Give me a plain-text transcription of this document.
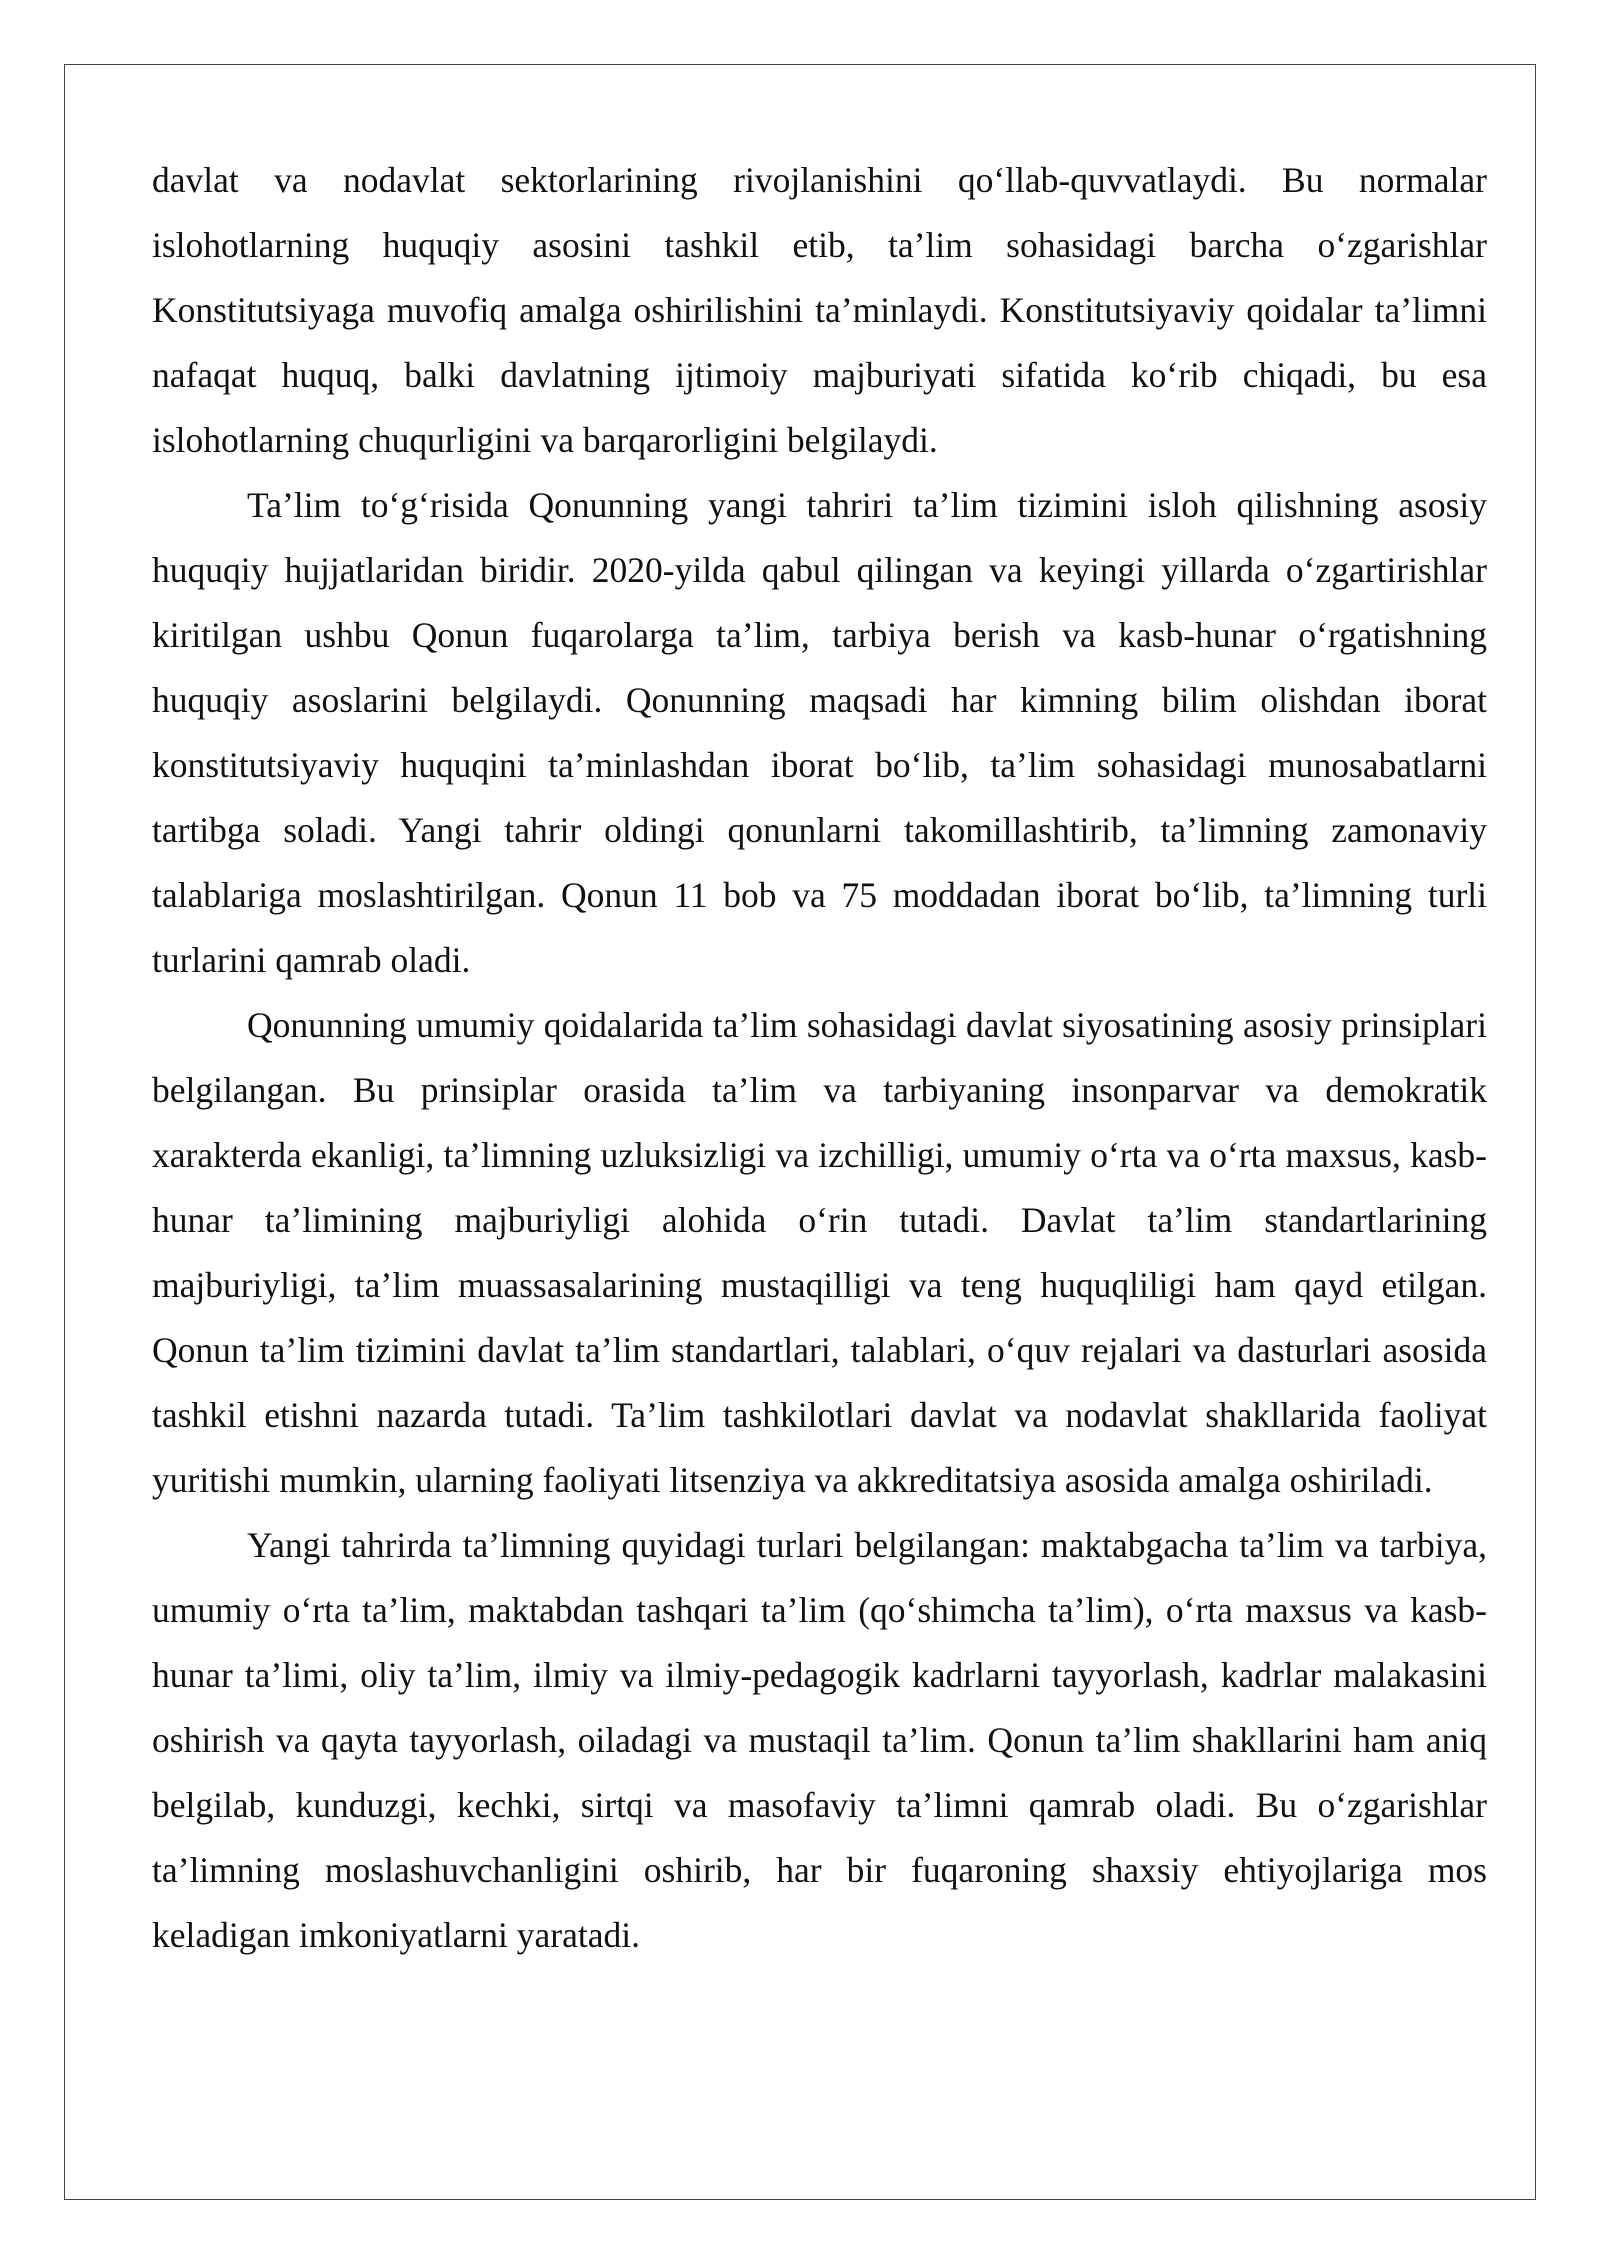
davlat va nodavlat sektorlarining rivojlanishini qo‘llab-quvvatlaydi. Bu normalar islohotlarning huquqiy asosini tashkil etib, ta’lim sohasidagi barcha o‘zgarishlar Konstitutsiyaga muvofiq amalga oshirilishini ta’minlaydi. Konstitutsiyaviy qoidalar ta’limni nafaqat huquq, balki davlatning ijtimoiy majburiyati sifatida ko‘rib chiqadi, bu esa islohotlarning chuqurligini va barqarorligini belgilaydi.

Ta’lim to‘g‘risida Qonunning yangi tahriri ta’lim tizimini isloh qilishning asosiy huquqiy hujjatlaridan biridir. 2020-yilda qabul qilingan va keyingi yillarda o‘zgartirishlar kiritilgan ushbu Qonun fuqarolarga ta’lim, tarbiya berish va kasb-hunar o‘rgatishning huquqiy asoslarini belgilaydi. Qonunning maqsadi har kimning bilim olishdan iborat konstitutsiyaviy huquqini ta’minlashdan iborat bo‘lib, ta’lim sohasidagi munosabatlarni tartibga soladi. Yangi tahrir oldingi qonunlarni takomillashtirib, ta’limning zamonaviy talablariga moslashtirilgan. Qonun 11 bob va 75 moddadan iborat bo‘lib, ta’limning turli turlarini qamrab oladi.

Qonunning umumiy qoidalarida ta’lim sohasidagi davlat siyosatining asosiy prinsiplari belgilangan. Bu prinsiplar orasida ta’lim va tarbiyaning insonparvar va demokratik xarakterda ekanligi, ta’limning uzluksizligi va izchilligi, umumiy o‘rta va o‘rta maxsus, kasb-hunar ta’limining majburiyligi alohida o‘rin tutadi. Davlat ta’lim standartlarining majburiyligi, ta’lim muassasalarining mustaqilligi va teng huquqliligi ham qayd etilgan. Qonun ta’lim tizimini davlat ta’lim standartlari, talablari, o‘quv rejalari va dasturlari asosida tashkil etishni nazarda tutadi. Ta’lim tashkilotlari davlat va nodavlat shakllarida faoliyat yuritishi mumkin, ularning faoliyati litsenziya va akkreditatsiya asosida amalga oshiriladi.

Yangi tahrirda ta’limning quyidagi turlari belgilangan: maktabgacha ta’lim va tarbiya, umumiy o‘rta ta’lim, maktabdan tashqari ta’lim (qo‘shimcha ta’lim), o‘rta maxsus va kasb-hunar ta’limi, oliy ta’lim, ilmiy va ilmiy-pedagogik kadrlarni tayyorlash, kadrlar malakasini oshirish va qayta tayyorlash, oiladagi va mustaqil ta’lim. Qonun ta’lim shakllarini ham aniq belgilab, kunduzgi, kechki, sirtqi va masofaviy ta’limni qamrab oladi. Bu o‘zgarishlar ta’limning moslashuvchanligini oshirib, har bir fuqaroning shaxsiy ehtiyojlariga mos keladigan imkoniyatlarni yaratadi.
